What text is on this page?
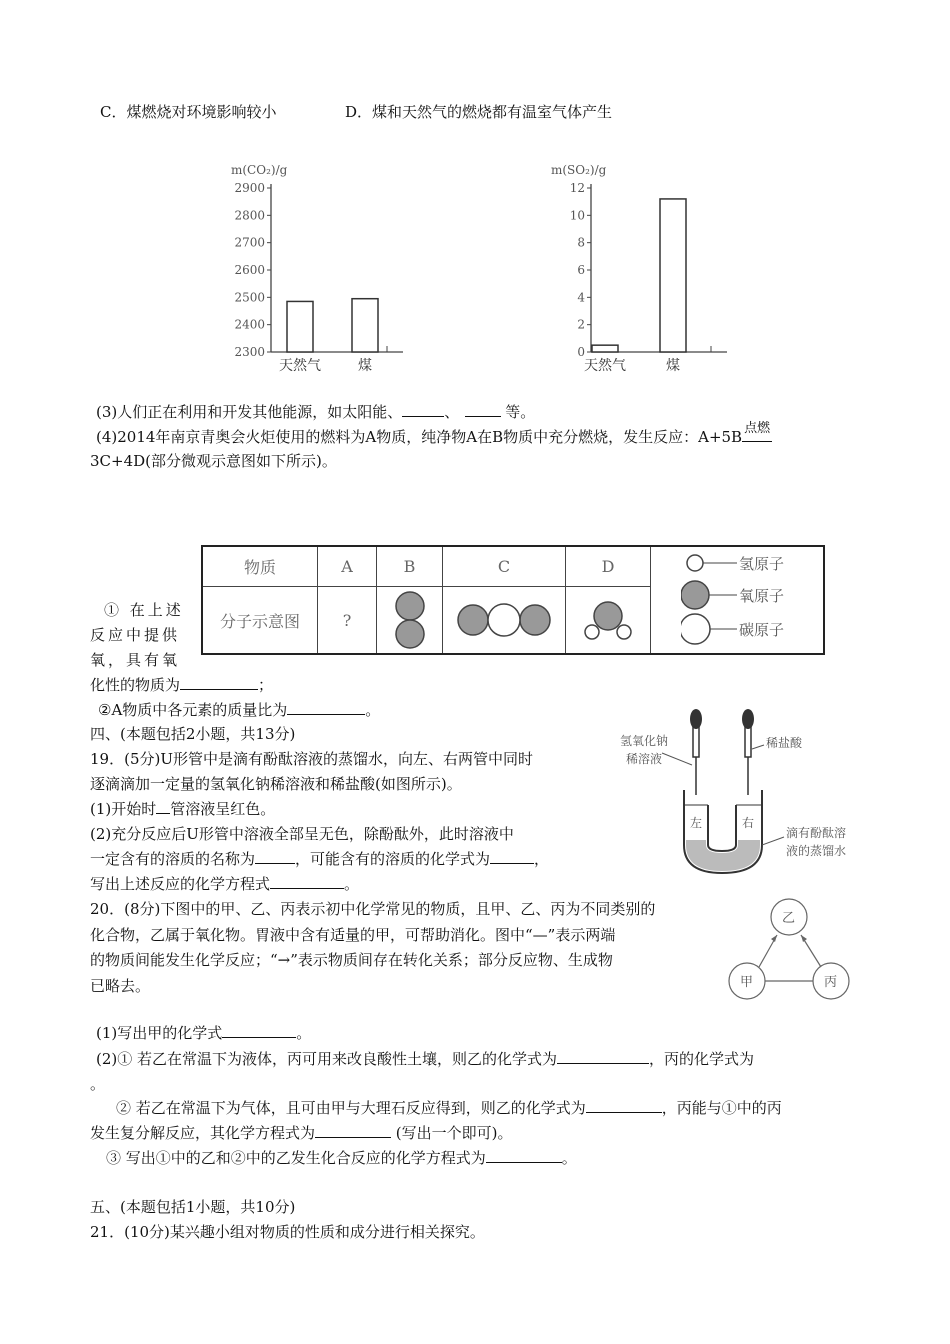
C．煤燃烧对环境影响较小	D．煤和天然气的燃烧都有温室气体产生
m(CO₂)/g
2900
2800
2700
2600
2500
2400
2300
天然气	煤
m(SO₂)/g
12
10
8
6
4
2
0
天然气	煤
(3)人们正在利用和开发其他能源，如太阳能、	、	等。
(4)2014年南京青奥会火炬使用的燃料为A物质，纯净物A在B物质中充分燃烧，发生反应：A+5B 点燃
3C+4D(部分微观示意图如下所示)。
物质	A	B	C	D
分子示意图	?
氢原子
氧原子
碳原子
① 在上述
反应中提供
氧，具有氧
化性的物质为	；
②A物质中各元素的质量比为	。
四、(本题包括2小题，共13分)
19．(5分)U形管中是滴有酚酞溶液的蒸馏水，向左、右两管中同时
逐滴滴加一定量的氢氧化钠稀溶液和稀盐酸(如图所示)。
(1)开始时 管溶液呈红色。
(2)充分反应后U形管中溶液全部呈无色，除酚酞外，此时溶液中
一定含有的溶质的名称为	，可能含有的溶质的化学式为	，
写出上述反应的化学方程式	。
氢氧化钠
稀溶液
稀盐酸
左	右
滴有酚酞溶
液的蒸馏水
20．(8分)下图中的甲、乙、丙表示初中化学常见的物质，且甲、乙、丙为不同类别的
化合物，乙属于氧化物。胃液中含有适量的甲，可帮助消化。图中“—”表示两端
的物质间能发生化学反应；“→”表示物质间存在转化关系；部分反应物、生成物
已略去。
乙
甲	丙
(1)写出甲的化学式	。
(2)① 若乙在常温下为液体，丙可用来改良酸性土壤，则乙的化学式为	，丙的化学式为
。
② 若乙在常温下为气体，且可由甲与大理石反应得到，则乙的化学式为	，丙能与①中的丙
发生复分解反应，其化学方程式为	(写出一个即可)。
③ 写出①中的乙和②中的乙发生化合反应的化学方程式为	。
五、(本题包括1小题，共10分)
21．(10分)某兴趣小组对物质的性质和成分进行相关探究。
